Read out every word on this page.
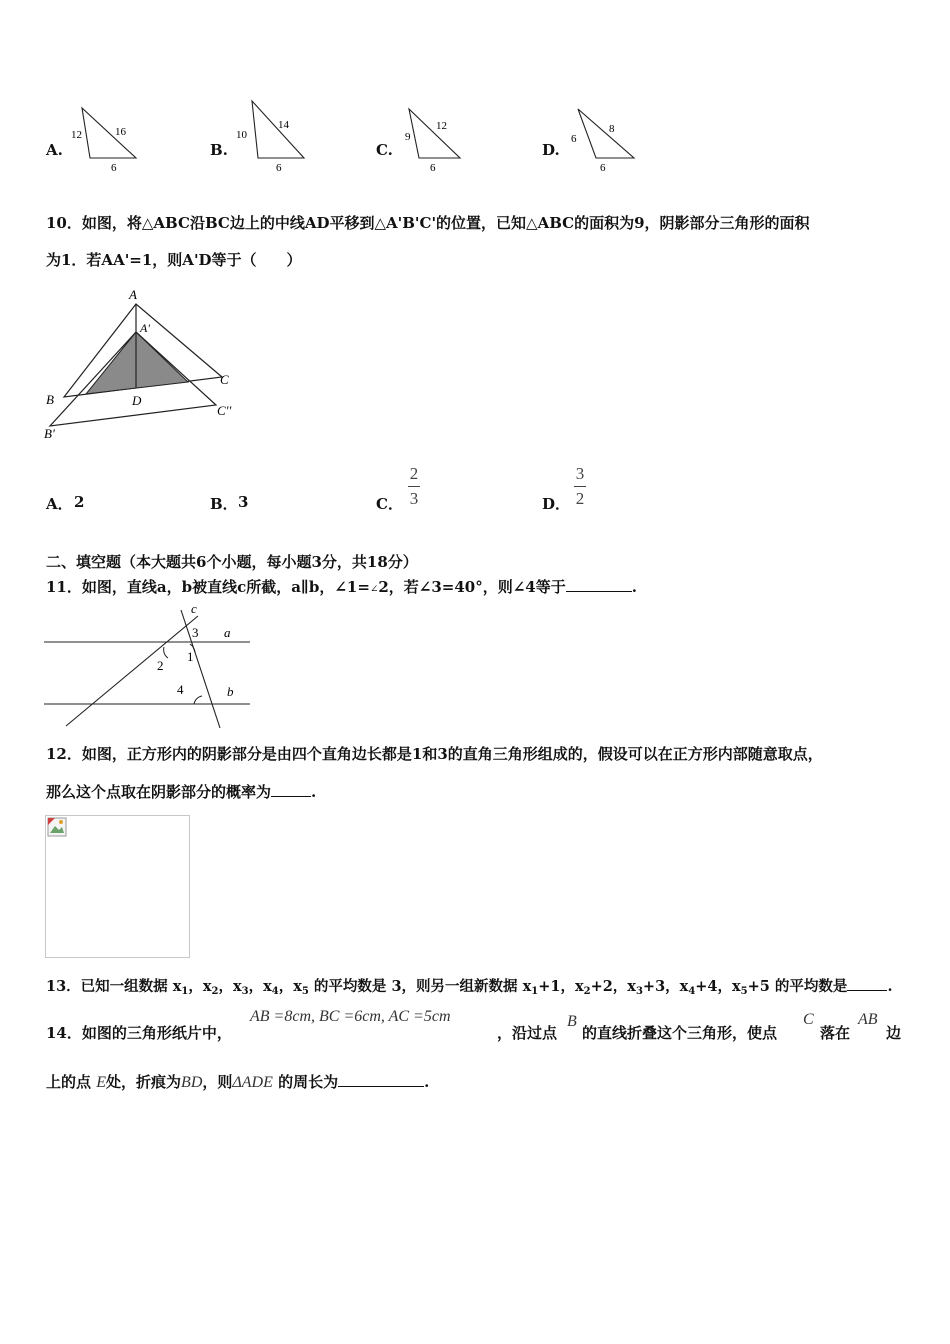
A.
12	16
6
B.
10
14
6
C.
9
12
6
D.
6
8
6
10．如图，将△ABC沿BC边上的中线AD平移到△A'B'C'的位置，已知△ABC的面积为9，阴影部分三角形的面积
为1．若AA'=1，则A'D等于（　　）
A
A'
B
B'
C
C''
D
A． 2	B． 3	C．
2
3	D．
3
2
二、填空题（本大题共6个小题，每小题3分，共18分）
11．如图，直线a，b被直线c所截，a∥b，∠1=∠2，若∠3=40°，则∠4等于	.
c
a
b
3
1
2
4
12．如图，正方形内的阴影部分是由四个直角边长都是1和3的直角三角形组成的，假设可以在正方形内部随意取点，
那么这个点取在阴影部分的概率为	.
13．已知一组数据 $x_1$，$x_2$，$x_3$，$x_4$，$x_5$ 的平均数是 3，则另一组新数据 $x_1+1$，$x_2+2$，$x_3+3$，$x_4+4$，$x_5+5$ 的平均数是	.
14．如图的三角形纸片中，
AB =8cm, BC =6cm, AC =5cm
，沿过点
B
的直线折叠这个三角形，使点
C
落在
AB
边
上的点 E处，折痕为BD，则ΔADE 的周长为	.
